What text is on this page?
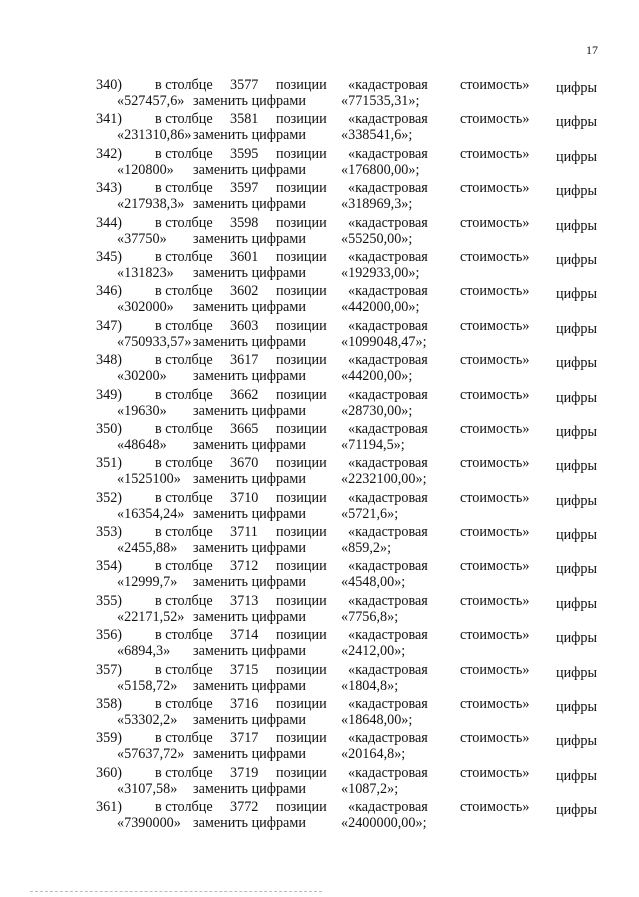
17
340) в столбце 3577 позиции «кадастровая стоимость» цифры
«527457,6» заменить цифрами «771535,31»;
341) в столбце 3581 позиции «кадастровая стоимость» цифры
«231310,86» заменить цифрами «338541,6»;
342) в столбце 3595 позиции «кадастровая стоимость» цифры
«120800» заменить цифрами «176800,00»;
343) в столбце 3597 позиции «кадастровая стоимость» цифры
«217938,3» заменить цифрами «318969,3»;
344) в столбце 3598 позиции «кадастровая стоимость» цифры
«37750» заменить цифрами «55250,00»;
345) в столбце 3601 позиции «кадастровая стоимость» цифры
«131823» заменить цифрами «192933,00»;
346) в столбце 3602 позиции «кадастровая стоимость» цифры
«302000» заменить цифрами «442000,00»;
347) в столбце 3603 позиции «кадастровая стоимость» цифры
«750933,57» заменить цифрами «1099048,47»;
348) в столбце 3617 позиции «кадастровая стоимость» цифры
«30200» заменить цифрами «44200,00»;
349) в столбце 3662 позиции «кадастровая стоимость» цифры
«19630» заменить цифрами «28730,00»;
350) в столбце 3665 позиции «кадастровая стоимость» цифры
«48648» заменить цифрами «71194,5»;
351) в столбце 3670 позиции «кадастровая стоимость» цифры
«1525100» заменить цифрами «2232100,00»;
352) в столбце 3710 позиции «кадастровая стоимость» цифры
«16354,24» заменить цифрами «5721,6»;
353) в столбце 3711 позиции «кадастровая стоимость» цифры
«2455,88» заменить цифрами «859,2»;
354) в столбце 3712 позиции «кадастровая стоимость» цифры
«12999,7» заменить цифрами «4548,00»;
355) в столбце 3713 позиции «кадастровая стоимость» цифры
«22171,52» заменить цифрами «7756,8»;
356) в столбце 3714 позиции «кадастровая стоимость» цифры
«6894,3» заменить цифрами «2412,00»;
357) в столбце 3715 позиции «кадастровая стоимость» цифры
«5158,72» заменить цифрами «1804,8»;
358) в столбце 3716 позиции «кадастровая стоимость» цифры
«53302,2» заменить цифрами «18648,00»;
359) в столбце 3717 позиции «кадастровая стоимость» цифры
«57637,72» заменить цифрами «20164,8»;
360) в столбце 3719 позиции «кадастровая стоимость» цифры
«3107,58» заменить цифрами «1087,2»;
361) в столбце 3772 позиции «кадастровая стоимость» цифры
«7390000» заменить цифрами «2400000,00»;
